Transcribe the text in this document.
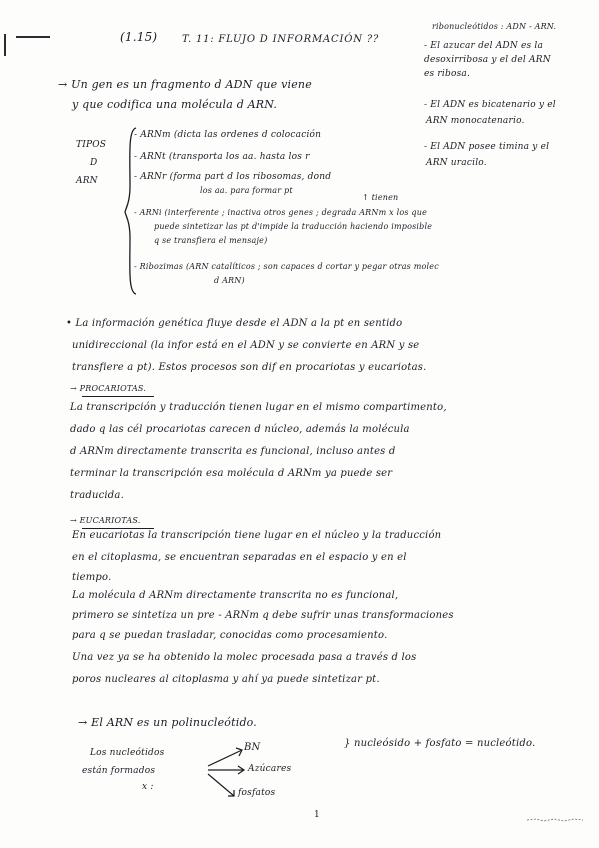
(1.15) T. 11: FLUJO D INFORMACIÓN ??
ribonucleótidos : ADN - ARN.
- El azucar del ADN es la
desoxirribosa y el del ARN
es ribosa.
- El ADN es bicatenario y el
ARN monocatenario.
- El ADN posee timina y el
ARN uracilo.
→ Un gen es un fragmento d ADN que viene
y que codifica una molécula d ARN.
TIPOS
D
ARN
- ARNm (dicta las ordenes d colocación
- ARNt (transporta los aa. hasta los r
- ARNr (forma part d los ribosomas, dond
los aa. para formar pt
↑ tienen
- ARNi (interferente ; inactiva otros genes ; degrada ARNm x los que
puede sintetizar las pt d'impide la traducción haciendo imposible
q se transfiera el mensaje)
- Ribozimas (ARN catalíticos ; son capaces d cortar y pegar otras molec
d ARN)
• La información genética fluye desde el ADN a la pt en sentido
unidireccional (la infor está en el ADN y se convierte en ARN y se
transfiere a pt). Estos procesos son dif en procariotas y eucariotas.
→ PROCARIOTAS.
La transcripción y traducción tienen lugar en el mismo compartimento,
dado q las cél procariotas carecen d núcleo, además la molécula
d ARNm directamente transcrita es funcional, incluso antes d
terminar la transcripción esa molécula d ARNm ya puede ser
traducida.
→ EUCARIOTAS.
En eucariotas la transcripción tiene lugar en el núcleo y la traducción
en el citoplasma, se encuentran separadas en el espacio y en el
tiempo.
La molécula d ARNm directamente transcrita no es funcional,
primero se sintetiza un pre - ARNm q debe sufrir unas transformaciones
para q se puedan trasladar, conocidas como procesamiento.
Una vez ya se ha obtenido la molec procesada pasa a través d los
poros nucleares al citoplasma y ahí ya puede sintetizar pt.
→ El ARN es un polinucleótido.
Los nucleótidos
están formados
x :
BN
Azúcares
fosfatos
} nucleósido + fosfato = nucleótido.
1
